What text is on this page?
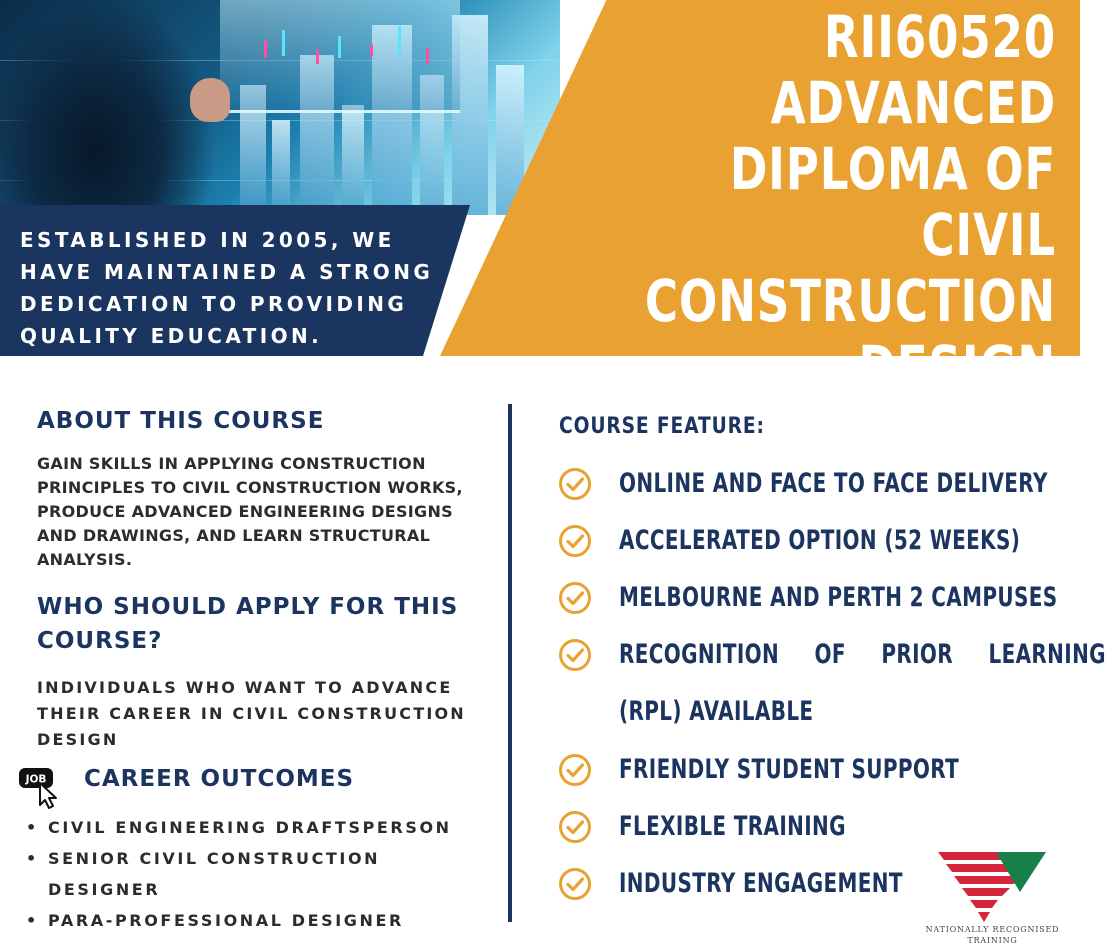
ESTABLISHED IN 2005, WE
HAVE MAINTAINED A STRONG
DEDICATION TO PROVIDING
QUALITY EDUCATION.
RII60520
ADVANCED
DIPLOMA OF CIVIL
CONSTRUCTION
DESIGN
ABOUT THIS COURSE
GAIN SKILLS IN APPLYING CONSTRUCTION
PRINCIPLES TO CIVIL CONSTRUCTION WORKS,
PRODUCE ADVANCED ENGINEERING DESIGNS
AND DRAWINGS, AND LEARN STRUCTURAL
ANALYSIS.
WHO SHOULD APPLY FOR THIS
COURSE?
INDIVIDUALS WHO WANT TO ADVANCE
THEIR CAREER IN CIVIL CONSTRUCTION
DESIGN
JOB CAREER OUTCOMES
• CIVIL ENGINEERING DRAFTSPERSON
• SENIOR CIVIL CONSTRUCTION
DESIGNER
• PARA-PROFESSIONAL DESIGNER
COURSE FEATURE:
ONLINE AND FACE TO FACE DELIVERY
ACCELERATED OPTION (52 WEEKS)
MELBOURNE AND PERTH 2 CAMPUSES
RECOGNITION OF PRIOR LEARNING
(RPL) AVAILABLE
FRIENDLY STUDENT SUPPORT
FLEXIBLE TRAINING
INDUSTRY ENGAGEMENT
NATIONALLY RECOGNISED
TRAINING
